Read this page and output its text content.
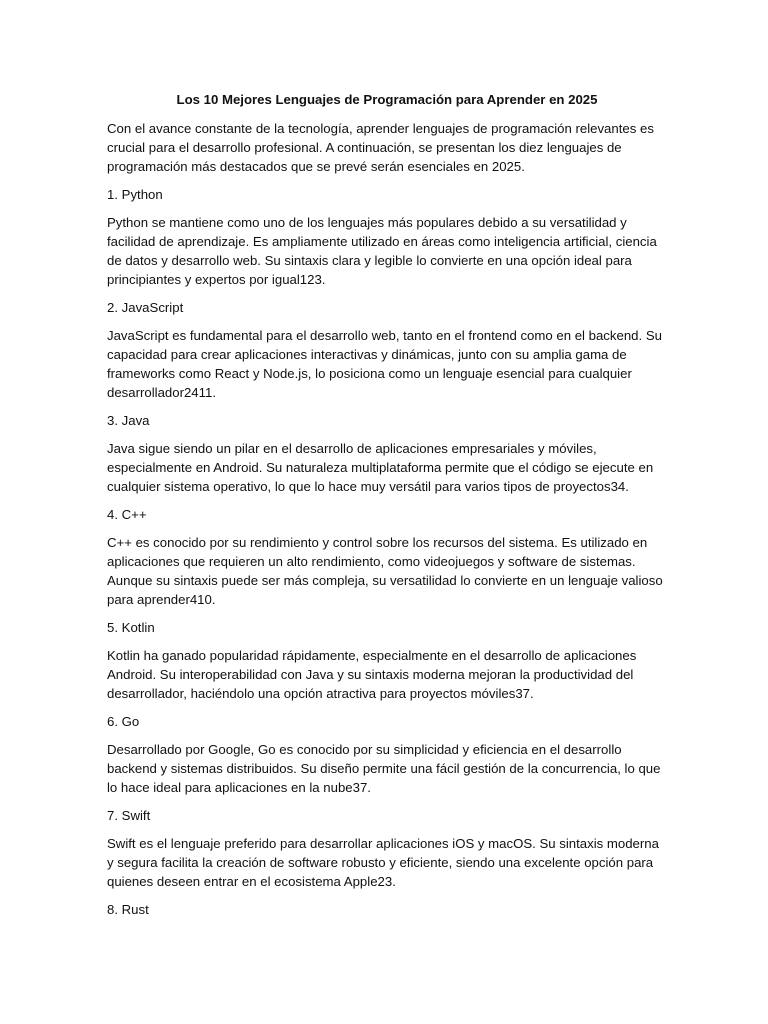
Los 10 Mejores Lenguajes de Programación para Aprender en 2025
Con el avance constante de la tecnología, aprender lenguajes de programación relevantes es crucial para el desarrollo profesional. A continuación, se presentan los diez lenguajes de programación más destacados que se prevé serán esenciales en 2025.
1. Python
Python se mantiene como uno de los lenguajes más populares debido a su versatilidad y facilidad de aprendizaje. Es ampliamente utilizado en áreas como inteligencia artificial, ciencia de datos y desarrollo web. Su sintaxis clara y legible lo convierte en una opción ideal para principiantes y expertos por igual123.
2. JavaScript
JavaScript es fundamental para el desarrollo web, tanto en el frontend como en el backend. Su capacidad para crear aplicaciones interactivas y dinámicas, junto con su amplia gama de frameworks como React y Node.js, lo posiciona como un lenguaje esencial para cualquier desarrollador2411.
3. Java
Java sigue siendo un pilar en el desarrollo de aplicaciones empresariales y móviles, especialmente en Android. Su naturaleza multiplataforma permite que el código se ejecute en cualquier sistema operativo, lo que lo hace muy versátil para varios tipos de proyectos34.
4. C++
C++ es conocido por su rendimiento y control sobre los recursos del sistema. Es utilizado en aplicaciones que requieren un alto rendimiento, como videojuegos y software de sistemas. Aunque su sintaxis puede ser más compleja, su versatilidad lo convierte en un lenguaje valioso para aprender410.
5. Kotlin
Kotlin ha ganado popularidad rápidamente, especialmente en el desarrollo de aplicaciones Android. Su interoperabilidad con Java y su sintaxis moderna mejoran la productividad del desarrollador, haciéndolo una opción atractiva para proyectos móviles37.
6. Go
Desarrollado por Google, Go es conocido por su simplicidad y eficiencia en el desarrollo backend y sistemas distribuidos. Su diseño permite una fácil gestión de la concurrencia, lo que lo hace ideal para aplicaciones en la nube37.
7. Swift
Swift es el lenguaje preferido para desarrollar aplicaciones iOS y macOS. Su sintaxis moderna y segura facilita la creación de software robusto y eficiente, siendo una excelente opción para quienes deseen entrar en el ecosistema Apple23.
8. Rust
